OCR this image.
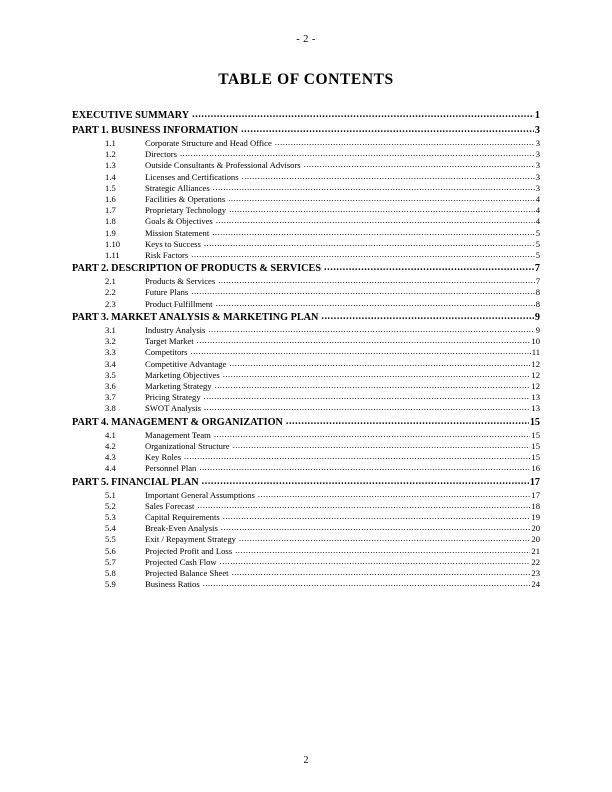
- 2 -
TABLE OF CONTENTS
EXECUTIVE SUMMARY .....	1
PART 1. BUSINESS INFORMATION .....	3
1.1	Corporate Structure and Head Office .....	3
1.2	Directors .....	3
1.3	Outside Consultants & Professional Advisors .....	3
1.4	Licenses and Certifications .....	3
1.5	Strategic Alliances .....	3
1.6	Facilities & Operations .....	4
1.7	Proprietary Technology .....	4
1.8	Goals & Objectives .....	4
1.9	Mission Statement .....	5
1.10	Keys to Success .....	5
1.11	Risk Factors .....	5
PART 2. DESCRIPTION OF PRODUCTS & SERVICES .....	7
2.1	Products & Services .....	7
2.2	Future Plans .....	8
2.3	Product Fulfillment .....	8
PART 3. MARKET ANALYSIS & MARKETING PLAN .....	9
3.1	Industry Analysis .....	9
3.2	Target Market .....	10
3.3	Competitors .....	11
3.4	Competitive Advantage .....	12
3.5	Marketing Objectives .....	12
3.6	Marketing Strategy .....	12
3.7	Pricing Strategy .....	13
3.8	SWOT Analysis .....	13
PART 4. MANAGEMENT & ORGANIZATION .....	15
4.1	Management Team .....	15
4.2	Organizational Structure .....	15
4.3	Key Roles .....	15
4.4	Personnel Plan .....	16
PART 5. FINANCIAL PLAN .....	17
5.1	Important General Assumptions .....	17
5.2	Sales Forecast .....	18
5.3	Capital Requirements .....	19
5.4	Break-Even Analysis .....	20
5.5	Exit / Repayment Strategy .....	20
5.6	Projected Profit and Loss .....	21
5.7	Projected Cash Flow .....	22
5.8	Projected Balance Sheet .....	23
5.9	Business Ratios .....	24
2
